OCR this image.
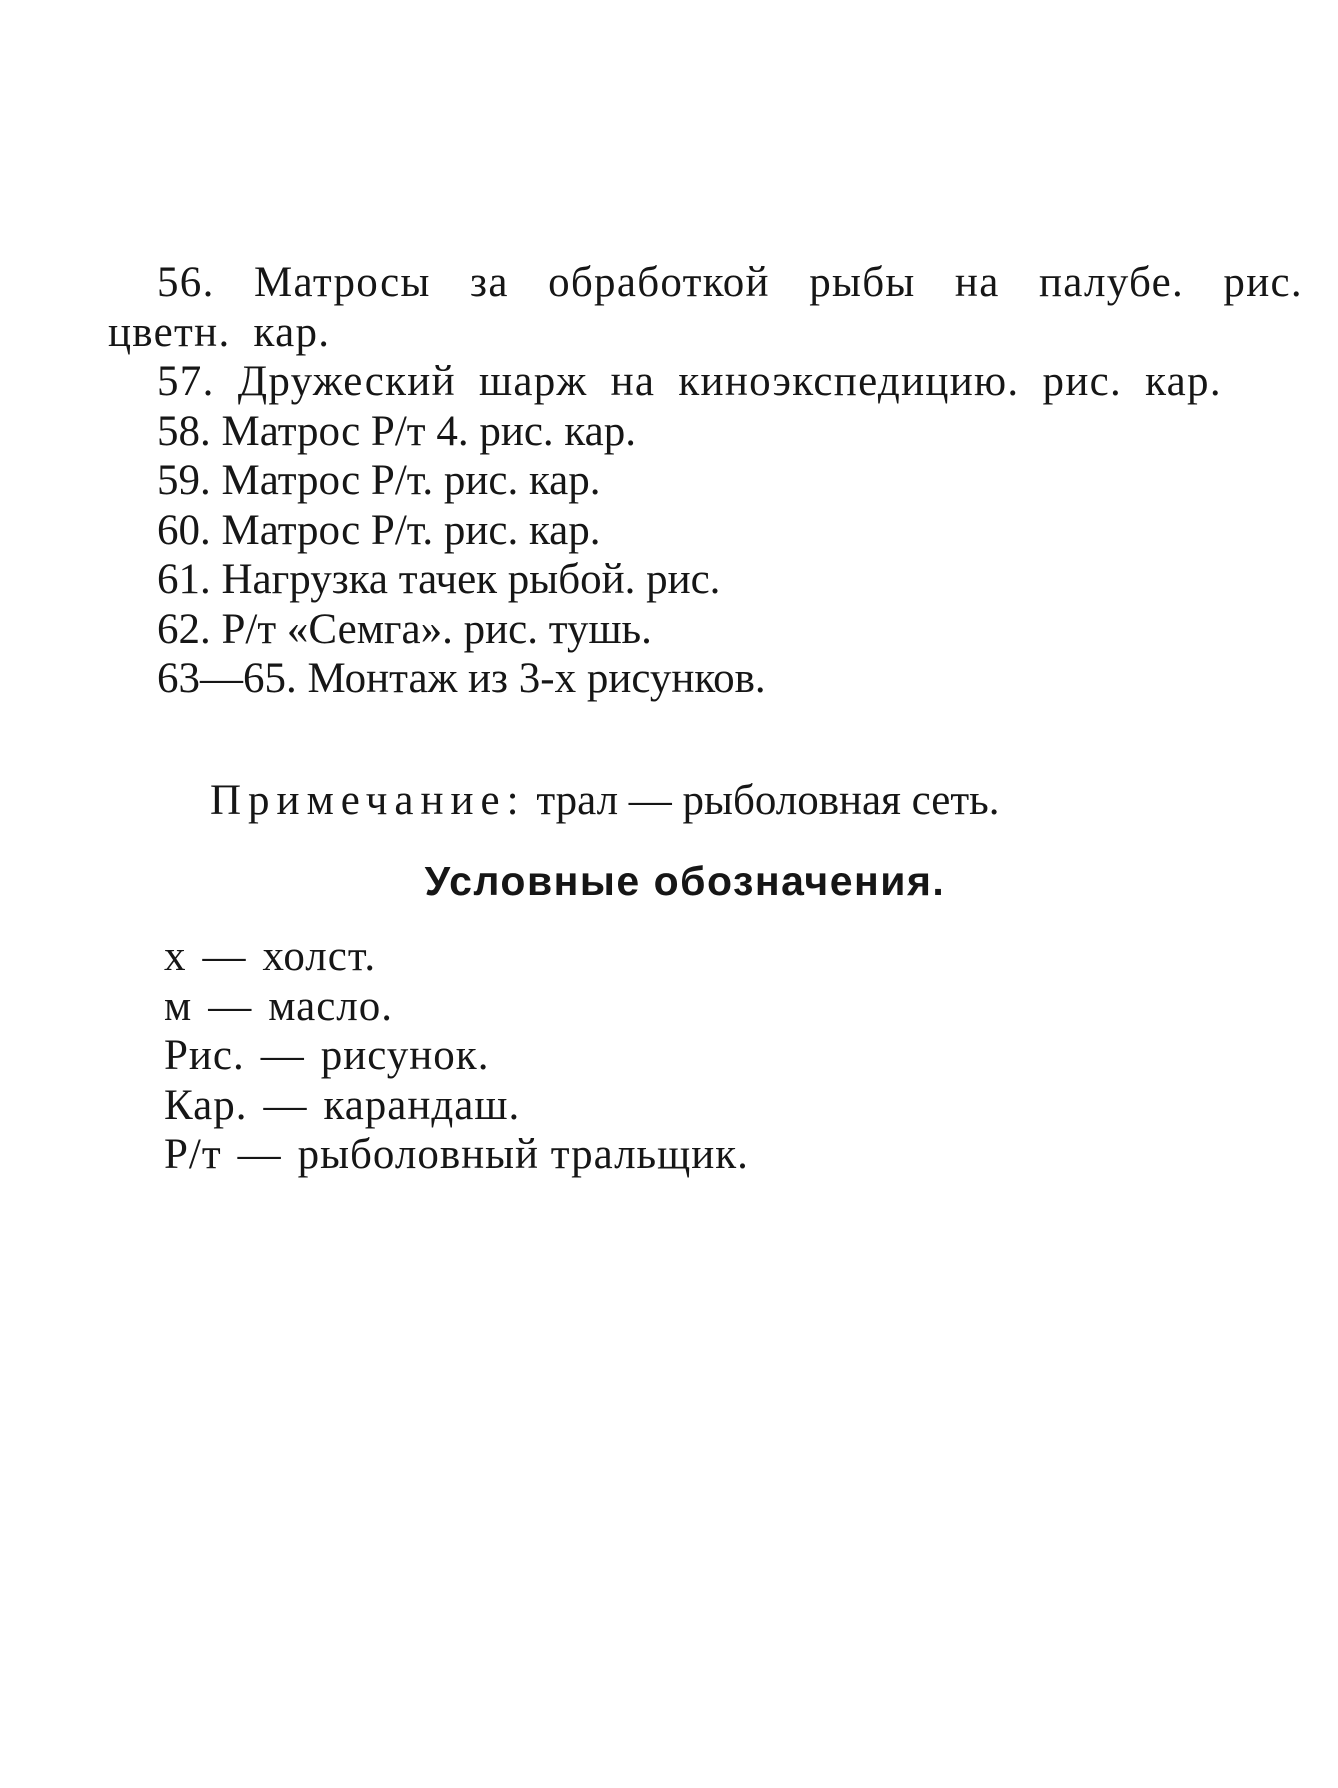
56. Матросы за обработкой рыбы на палубе. рис. цветн. кар.

57. Дружеский шарж на киноэкспедицию. рис. кар.

58. Матрос Р/т 4. рис. кар.

59. Матрос Р/т. рис. кар.

60. Матрос Р/т. рис. кар.

61. Нагрузка тачек рыбой. рис.

62. Р/т «Семга». рис. тушь.

63—65. Монтаж из 3-х рисунков.

Примечание: трал — рыболовная сеть.

Условные обозначения.
х — холст.
м — масло.
Рис. — рисунок.
Кар. — карандаш.
Р/т — рыболовный тральщик.
